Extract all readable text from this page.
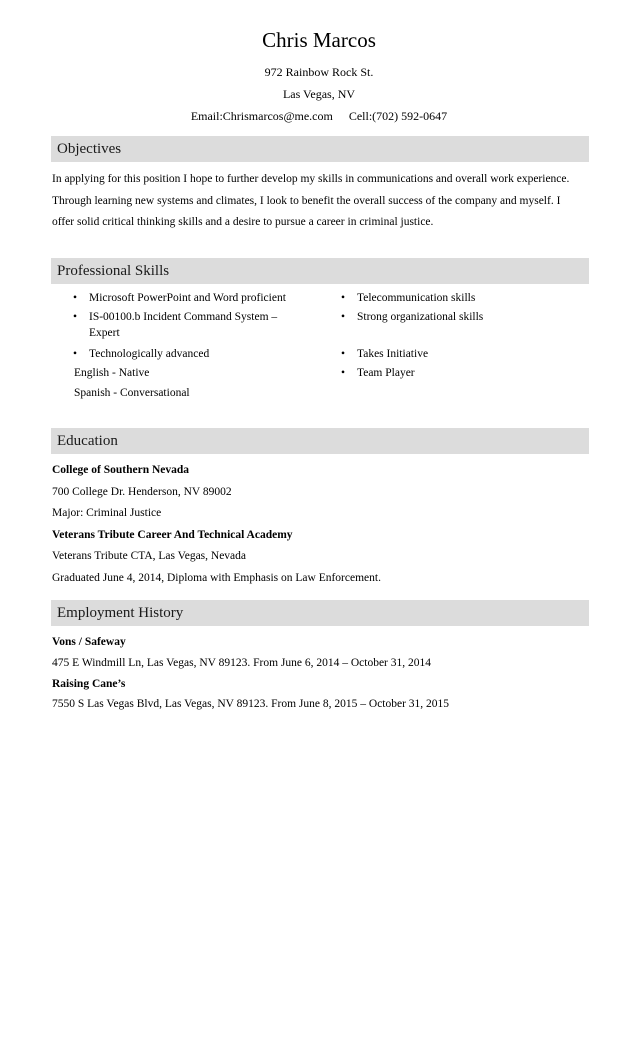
Chris Marcos
972 Rainbow Rock St.
Las Vegas, NV
Email:Chrismarcos@me.com Cell:(702) 592-0647
Objectives
In applying for this position I hope to further develop my skills in communications and overall work experience. Through learning new systems and climates, I look to benefit the overall success of the company and myself. I offer solid critical thinking skills and a desire to pursue a career in criminal justice.
Professional Skills
• Microsoft PowerPoint and Word proficient
• IS-00100.b Incident Command System – Expert
• Technologically advanced
English - Native
Spanish - Conversational
• Telecommunication skills
• Strong organizational skills
• Takes Initiative
• Team Player
Education
College of Southern Nevada
700 College Dr. Henderson, NV 89002
Major: Criminal Justice
Veterans Tribute Career And Technical Academy
Veterans Tribute CTA, Las Vegas, Nevada
Graduated June 4, 2014, Diploma with Emphasis on Law Enforcement.
Employment History
Vons / Safeway
475 E Windmill Ln, Las Vegas, NV 89123. From June 6, 2014 – October 31, 2014
Raising Cane’s
7550 S Las Vegas Blvd, Las Vegas, NV 89123. From June 8, 2015 – October 31, 2015
